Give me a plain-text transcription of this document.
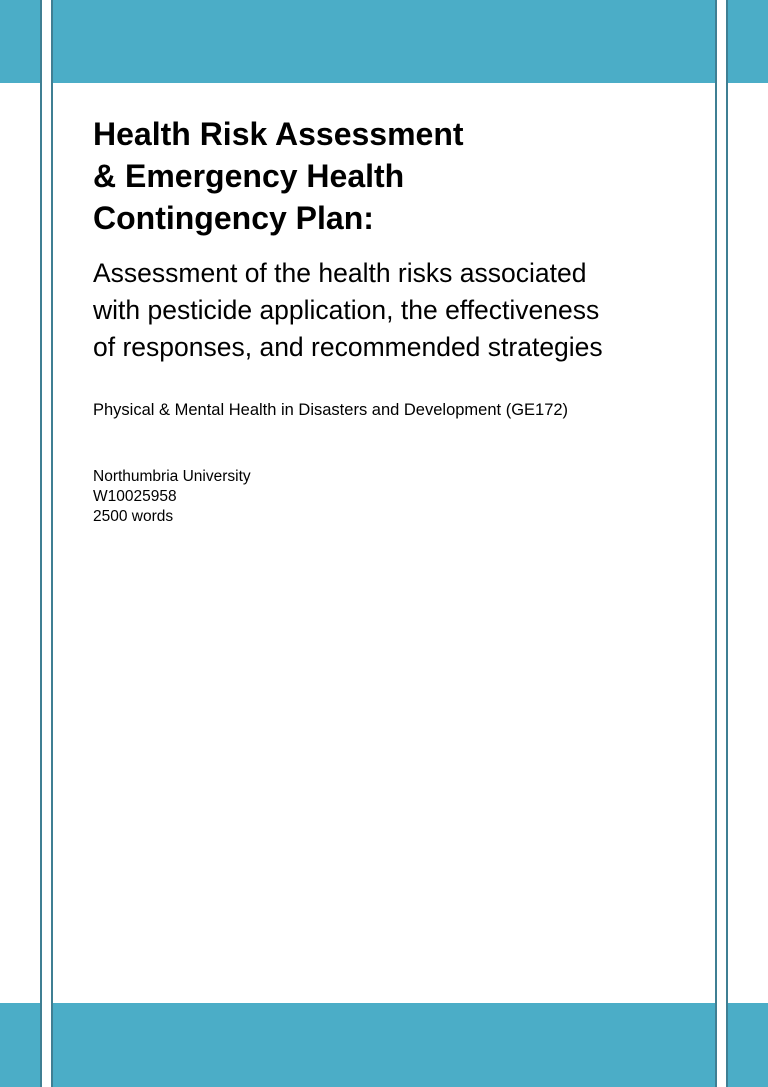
Health Risk Assessment
& Emergency Health
Contingency Plan:
Assessment of the health risks associated
with pesticide application, the effectiveness
of responses, and recommended strategies
Physical & Mental Health in Disasters and Development (GE172)
Northumbria University
W10025958
2500 words
